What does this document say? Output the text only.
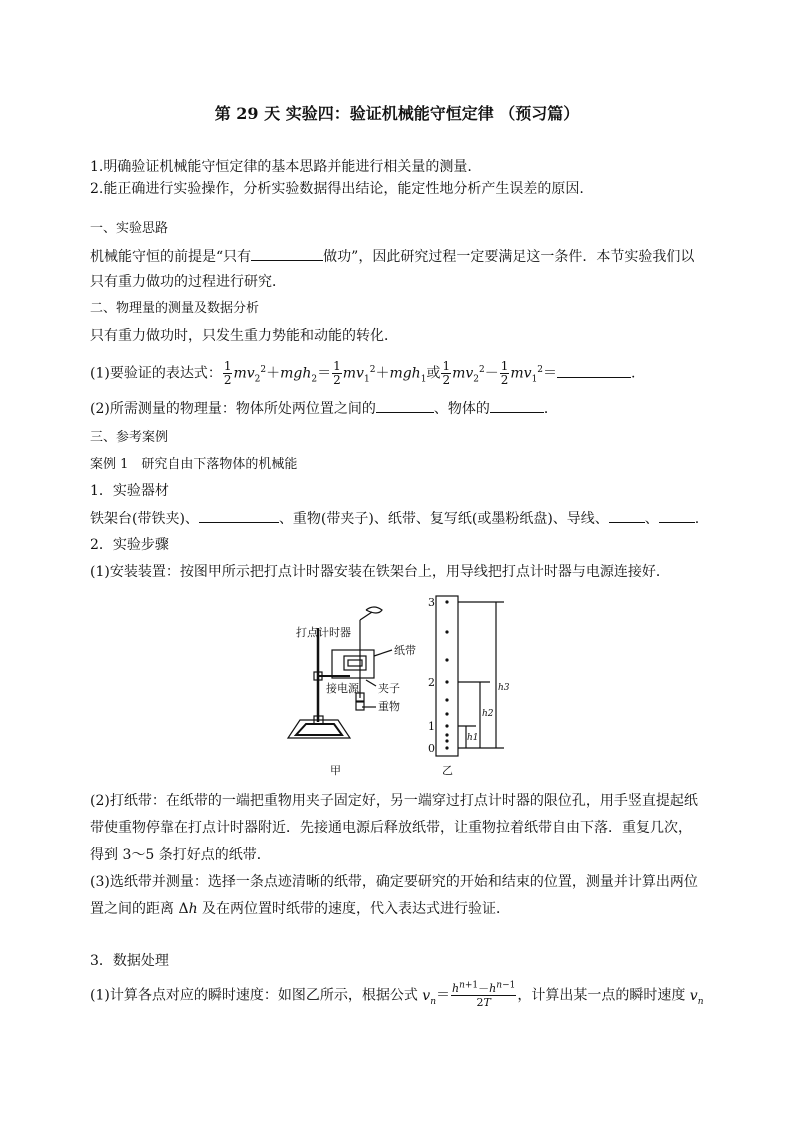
第 29 天 实验四：验证机械能守恒定律 （预习篇）
1.明确验证机械能守恒定律的基本思路并能进行相关量的测量.
2.能正确进行实验操作，分析实验数据得出结论，能定性地分析产生误差的原因.
一、实验思路
机械能守恒的前提是“只有	做功”，因此研究过程一定要满足这一条件．本节实验我们以
只有重力做功的过程进行研究．
二、物理量的测量及数据分析
只有重力做功时，只发生重力势能和动能的转化．
(1)要验证的表达式： $\frac{1}{2} mv_2^2+mgh_2= \frac{1}{2} mv_1^2+mgh_1$或 $\frac{1}{2} mv_2^2- \frac{1}{2} mv_1^2=$	.
(2)所需测量的物理量：物体所处两位置之间的	、物体的	．
三、参考案例
案例 1　研究自由下落物体的机械能
1．实验器材
铁架台(带铁夹)、	、重物(带夹子)、纸带、复写纸(或墨粉纸盘)、导线、	、	.
2．实验步骤
(1)安装装置：按图甲所示把打点计时器安装在铁架台上，用导线把打点计时器与电源连接好．
打点计时器
纸带
夹子
接电源
重物
甲	乙
3
2
1
0
h3
h2
h1
(2)打纸带：在纸带的一端把重物用夹子固定好，另一端穿过打点计时器的限位孔，用手竖直提起纸
带使重物停靠在打点计时器附近．先接通电源后释放纸带，让重物拉着纸带自由下落．重复几次，
得到 3～5 条打好点的纸带．
(3)选纸带并测量：选择一条点迹清晰的纸带，确定要研究的开始和结束的位置，测量并计算出两位
置之间的距离 Δh 及在两位置时纸带的速度，代入表达式进行验证．
3．数据处理
(1)计算各点对应的瞬时速度：如图乙所示，根据公式 $v_n= \frac{h^{n+1}-h^{n-1}}{2T}$ ，计算出某一点的瞬时速度 $v_n$
